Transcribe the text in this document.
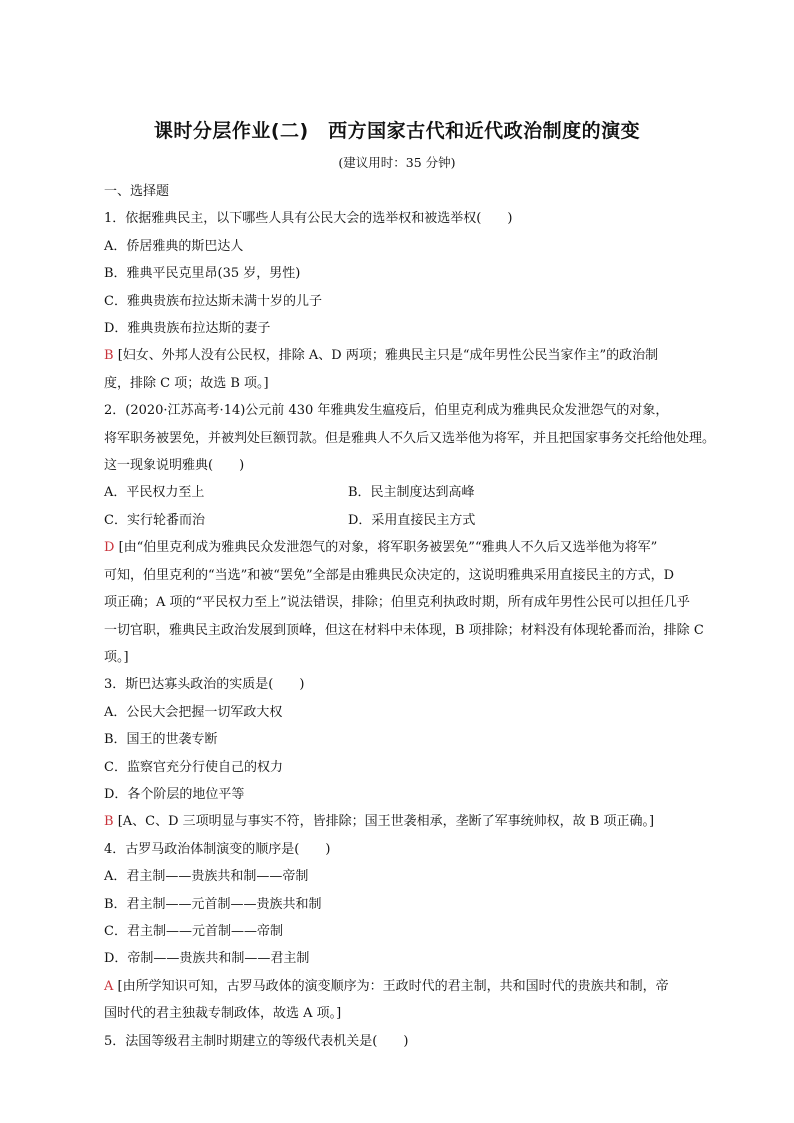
课时分层作业(二)　西方国家古代和近代政治制度的演变
(建议用时：35 分钟)
一、选择题
1．依据雅典民主，以下哪些人具有公民大会的选举权和被选举权(　　)
A．侨居雅典的斯巴达人
B．雅典平民克里昂(35 岁，男性)
C．雅典贵族布拉达斯未满十岁的儿子
D．雅典贵族布拉达斯的妻子
B [妇女、外邦人没有公民权，排除 A、D 两项；雅典民主只是“成年男性公民当家作主”的政治制
度，排除 C 项；故选 B 项。]
2．(2020·江苏高考·14)公元前 430 年雅典发生瘟疫后，伯里克利成为雅典民众发泄怨气的对象，
将军职务被罢免，并被判处巨额罚款。但是雅典人不久后又选举他为将军，并且把国家事务交托给他处理。
这一现象说明雅典(　　)
A．平民权力至上	B．民主制度达到高峰
C．实行轮番而治	D．采用直接民主方式
D [由“伯里克利成为雅典民众发泄怨气的对象，将军职务被罢免”“雅典人不久后又选举他为将军”
可知，伯里克利的“当选”和被“罢免”全部是由雅典民众决定的，这说明雅典采用直接民主的方式，D
项正确；A 项的“平民权力至上”说法错误，排除；伯里克利执政时期，所有成年男性公民可以担任几乎
一切官职，雅典民主政治发展到顶峰，但这在材料中未体现，B 项排除；材料没有体现轮番而治，排除 C
项。]
3．斯巴达寡头政治的实质是(　　)
A．公民大会把握一切军政大权
B．国王的世袭专断
C．监察官充分行使自己的权力
D．各个阶层的地位平等
B [A、C、D 三项明显与事实不符，皆排除；国王世袭相承，垄断了军事统帅权，故 B 项正确。]
4．古罗马政治体制演变的顺序是(　　)
A．君主制——贵族共和制——帝制
B．君主制——元首制——贵族共和制
C．君主制——元首制——帝制
D．帝制——贵族共和制——君主制
A [由所学知识可知，古罗马政体的演变顺序为：王政时代的君主制，共和国时代的贵族共和制，帝
国时代的君主独裁专制政体，故选 A 项。]
5．法国等级君主制时期建立的等级代表机关是(　　)
